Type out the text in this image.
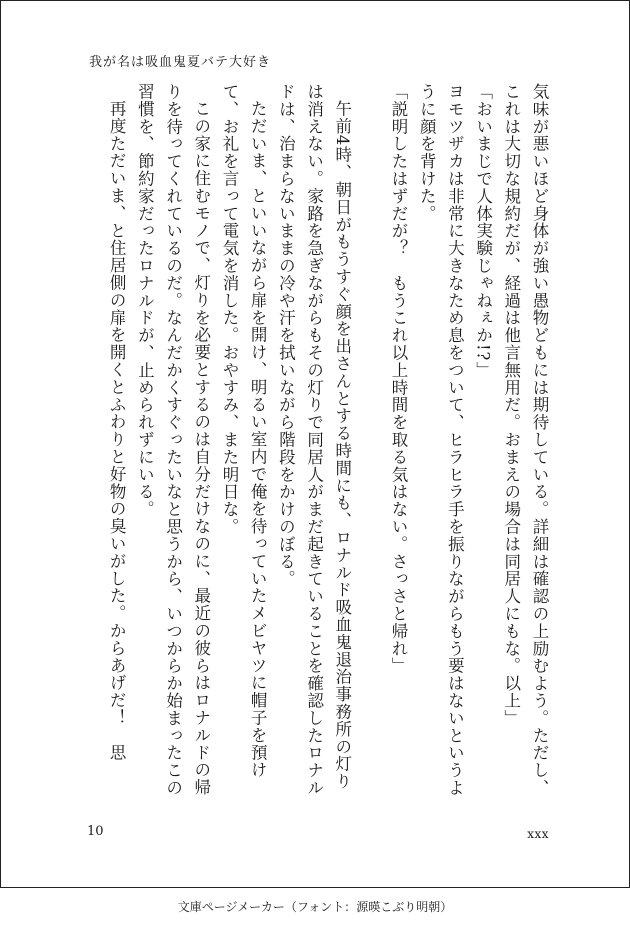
我が名は吸血鬼夏バテ大好き

気味が悪いほど身体が強い愚物どもには期待している。詳細は確認の上励むよう。ただし、これは大切な規約だが、経過は他言無用だ。おまえの場合は同居人にもな。以上」

「おいまじで人体実験じゃねぇか!?」

ヨモツザカは非常に大きなため息をついて、ヒラヒラ手を振りながらもう要はないというように顔を背けた。

「説明したはずだが？　もうこれ以上時間を取る気はない。さっさと帰れ」

午前4時、朝日がもうすぐ顔を出さんとする時間にも、ロナルド吸血鬼退治事務所の灯りは消えない。家路を急ぎながらもその灯りで同居人がまだ起きていることを確認したロナルドは、治まらないままの冷や汗を拭いながら階段をかけのぼる。

ただいま、といいながら扉を開け、明るい室内で俺を待っていたメビヤツに帽子を預けて、お礼を言って電気を消した。おやすみ、また明日な。

この家に住むモノで、灯りを必要とするのは自分だけなのに、最近の彼らはロナルドの帰りを待ってくれているのだ。なんだかくすぐったいなと思うから、いつからか始まったこの習慣を、節約家だったロナルドが、止められずにいる。

再度ただいま、と住居側の扉を開くとふわりと好物の臭いがした。からあげだ！　思

10	xxx
文庫ページメーカー（フォント：源暎こぶり明朝）
